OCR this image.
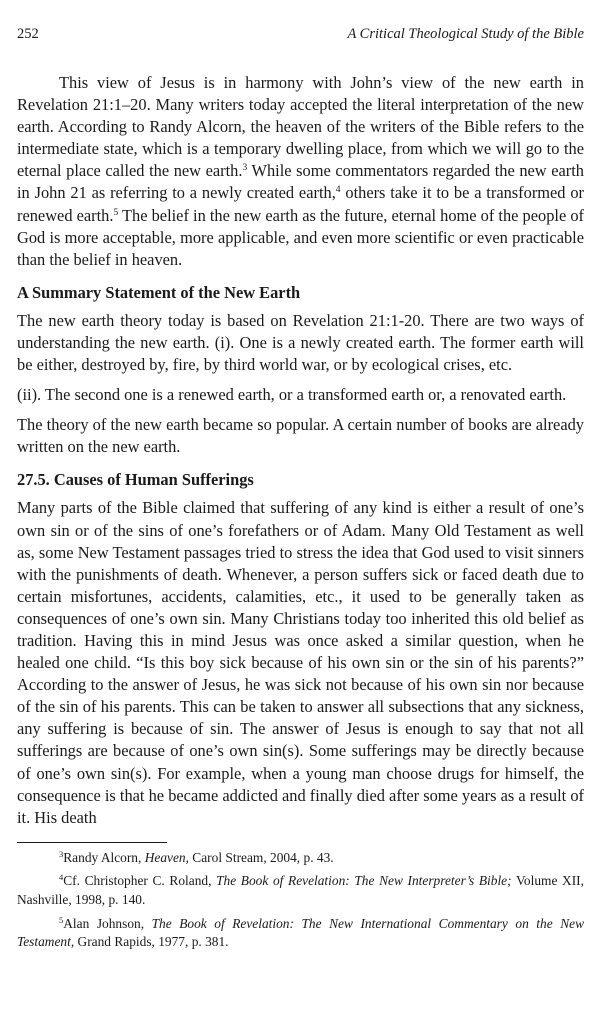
252	A Critical Theological Study of the Bible

This view of Jesus is in harmony with John’s view of the new earth in Revelation 21:1–20. Many writers today accepted the literal interpretation of the new earth. According to Randy Alcorn, the heaven of the writers of the Bible refers to the intermediate state, which is a temporary dwelling place, from which we will go to the eternal place called the new earth.$^3$ While some commentators regarded the new earth in John 21 as referring to a newly created earth,$^4$ others take it to be a transformed or renewed earth.$^5$ The belief in the new earth as the future, eternal home of the people of God is more acceptable, more applicable, and even more scientific or even practicable than the belief in heaven.

A Summary Statement of the New Earth

The new earth theory today is based on Revelation 21:1-20. There are two ways of understanding the new earth. (i). One is a newly created earth. The former earth will be either, destroyed by, fire, by third world war, or by ecological crises, etc.

(ii). The second one is a renewed earth, or a transformed earth or, a renovated earth.

The theory of the new earth became so popular. A certain number of books are already written on the new earth.

27.5. Causes of Human Sufferings

Many parts of the Bible claimed that suffering of any kind is either a result of one’s own sin or of the sins of one’s forefathers or of Adam. Many Old Testament as well as, some New Testament passages tried to stress the idea that God used to visit sinners with the punishments of death. Whenever, a person suffers sick or faced death due to certain misfortunes, accidents, calamities, etc., it used to be generally taken as consequences of one’s own sin. Many Christians today too inherited this old belief as tradition. Having this in mind Jesus was once asked a similar question, when he healed one child. “Is this boy sick because of his own sin or the sin of his parents?” According to the answer of Jesus, he was sick not because of his own sin nor because of the sin of his parents. This can be taken to answer all subsections that any sickness, any suffering is because of sin. The answer of Jesus is enough to say that not all sufferings are because of one’s own sin(s). Some sufferings may be directly because of one’s own sin(s). For example, when a young man choose drugs for himself, the consequence is that he became addicted and finally died after some years as a result of it. His death

$^3$Randy Alcorn, Heaven, Carol Stream, 2004, p. 43.

$^4$Cf. Christopher C. Roland, The Book of Revelation: The New Interpreter’s Bible; Volume XII, Nashville, 1998, p. 140.

$^5$Alan Johnson, The Book of Revelation: The New International Commentary on the New Testament, Grand Rapids, 1977, p. 381.
